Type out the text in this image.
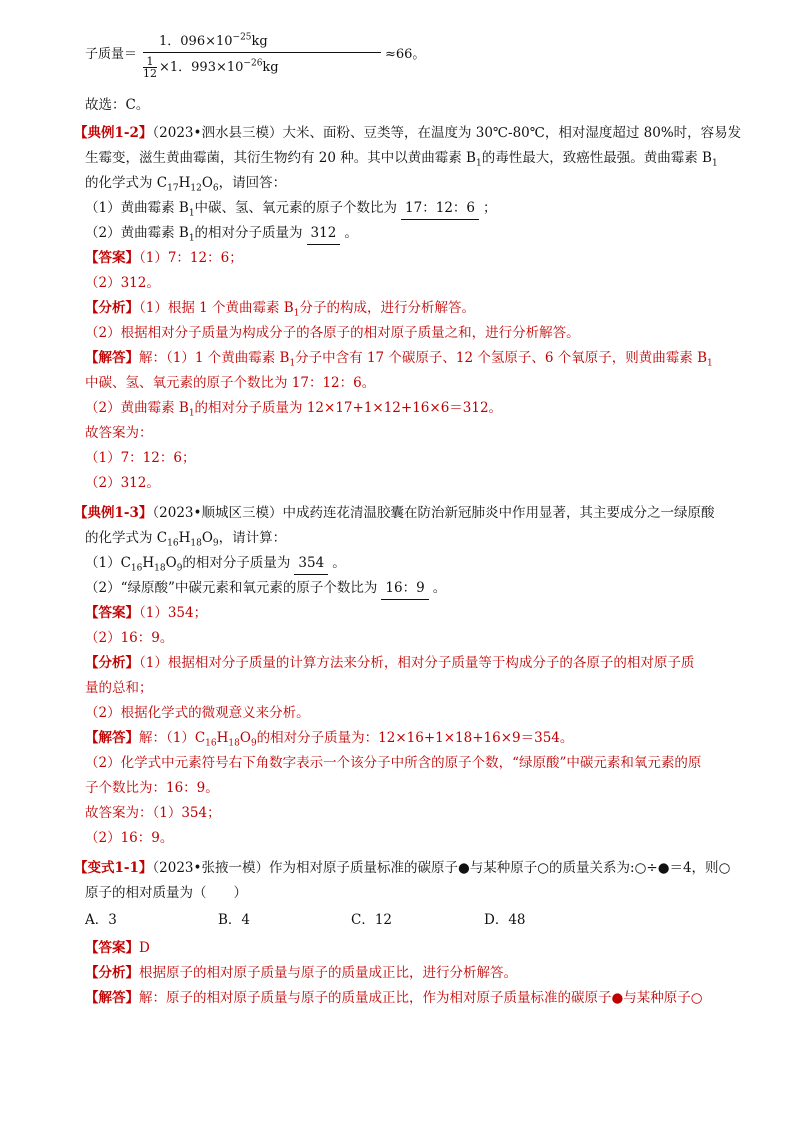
子质量＝
1．$096\times 10^{-25}kg$
$\frac{1}{12} \times 1$．$993\times 10^{-26}kg$
≈66。
故选：C。
【典例1-2】（2023•泗水县三模）大米、面粉、豆类等，在温度为 30℃-80℃，相对湿度超过 80%时，容易发
生霉变，滋生黄曲霉菌，其衍生物约有 20 种。其中以黄曲霉素 $B_1$的毒性最大，致癌性最强。黄曲霉素 $B_1$
的化学式为 $C_{17}H_{12}O_6$，请回答：
（1）黄曲霉素 $B_1$中碳、氢、氧元素的原子个数比为 17：12：6 ；
（2）黄曲霉素 $B_1$的相对分子质量为 312 。
【答案】（1）7：12：6；
（2）312。
【分析】（1）根据 1 个黄曲霉素 $B_1$分子的构成，进行分析解答。
（2）根据相对分子质量为构成分子的各原子的相对原子质量之和，进行分析解答。
【解答】解：（1）1 个黄曲霉素 $B_1$分子中含有 17 个碳原子、12 个氢原子、6 个氧原子，则黄曲霉素 $B_1$
中碳、氢、氧元素的原子个数比为 17：12：6。
（2）黄曲霉素 $B_1$的相对分子质量为 12×17+1×12+16×6＝312。
故答案为：
（1）7：12：6；
（2）312。
【典例1-3】（2023•顺城区三模）中成药连花清温胶囊在防治新冠肺炎中作用显著，其主要成分之一绿原酸
的化学式为 $C_{16}H_{18}O_9$，请计算：
$(1)C_{16}H_{18}O_9$的相对分子质量为 354 。
（2）“绿原酸”中碳元素和氧元素的原子个数比为 16：9 。
【答案】（1）354；
（2）16：9。
【分析】（1）根据相对分子质量的计算方法来分析，相对分子质量等于构成分子的各原子的相对原子质
量的总和；
（2）根据化学式的微观意义来分析。
【解答】解：$(1)C_{16}H_{18}O_9$的相对分子质量为：12×16+1×18+16×9＝354。
（2）化学式中元素符号右下角数字表示一个该分子中所含的原子个数，“绿原酸”中碳元素和氧元素的原
子个数比为：16：9。
故答案为：（1）354；
（2）16：9。
【变式1-1】（2023•张掖一模）作为相对原子质量标准的碳原子●与某种原子○的质量关系为:○÷●＝4，则○
原子的相对质量为（　　）
A．3	B．4	C．12	D．48
【答案】D
【分析】根据原子的相对原子质量与原子的质量成正比，进行分析解答。
【解答】解：原子的相对原子质量与原子的质量成正比，作为相对原子质量标准的碳原子●与某种原子○
